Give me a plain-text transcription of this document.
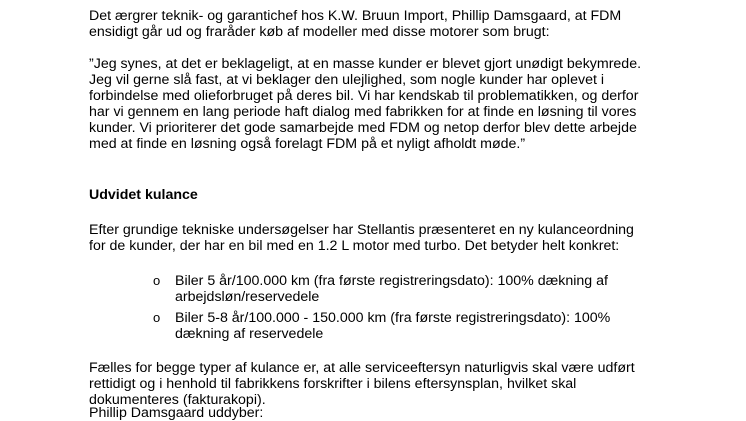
Det ærgrer teknik- og garantichef hos K.W. Bruun Import, Phillip Damsgaard, at FDM
ensidigt går ud og fraråder køb af modeller med disse motorer som brugt:

”Jeg synes, at det er beklageligt, at en masse kunder er blevet gjort unødigt bekymrede.
Jeg vil gerne slå fast, at vi beklager den ulejlighed, som nogle kunder har oplevet i
forbindelse med olieforbruget på deres bil. Vi har kendskab til problematikken, og derfor
har vi gennem en lang periode haft dialog med fabrikken for at finde en løsning til vores
kunder. Vi prioriterer det gode samarbejde med FDM og netop derfor blev dette arbejde
med at finde en løsning også forelagt FDM på et nyligt afholdt møde.”

Udvidet kulance

Efter grundige tekniske undersøgelser har Stellantis præsenteret en ny kulanceordning
for de kunder, der har en bil med en 1.2 L motor med turbo. Det betyder helt konkret:

o	Biler 5 år/100.000 km (fra første registreringsdato): 100% dækning af
arbejdsløn/reservedele
o	Biler 5-8 år/100.000 - 150.000 km (fra første registreringsdato): 100%
dækning af reservedele

Fælles for begge typer af kulance er, at alle serviceeftersyn naturligvis skal være udført
rettidigt og i henhold til fabrikkens forskrifter i bilens eftersynsplan, hvilket skal
dokumenteres (fakturakopi).

Phillip Damsgaard uddyber:
